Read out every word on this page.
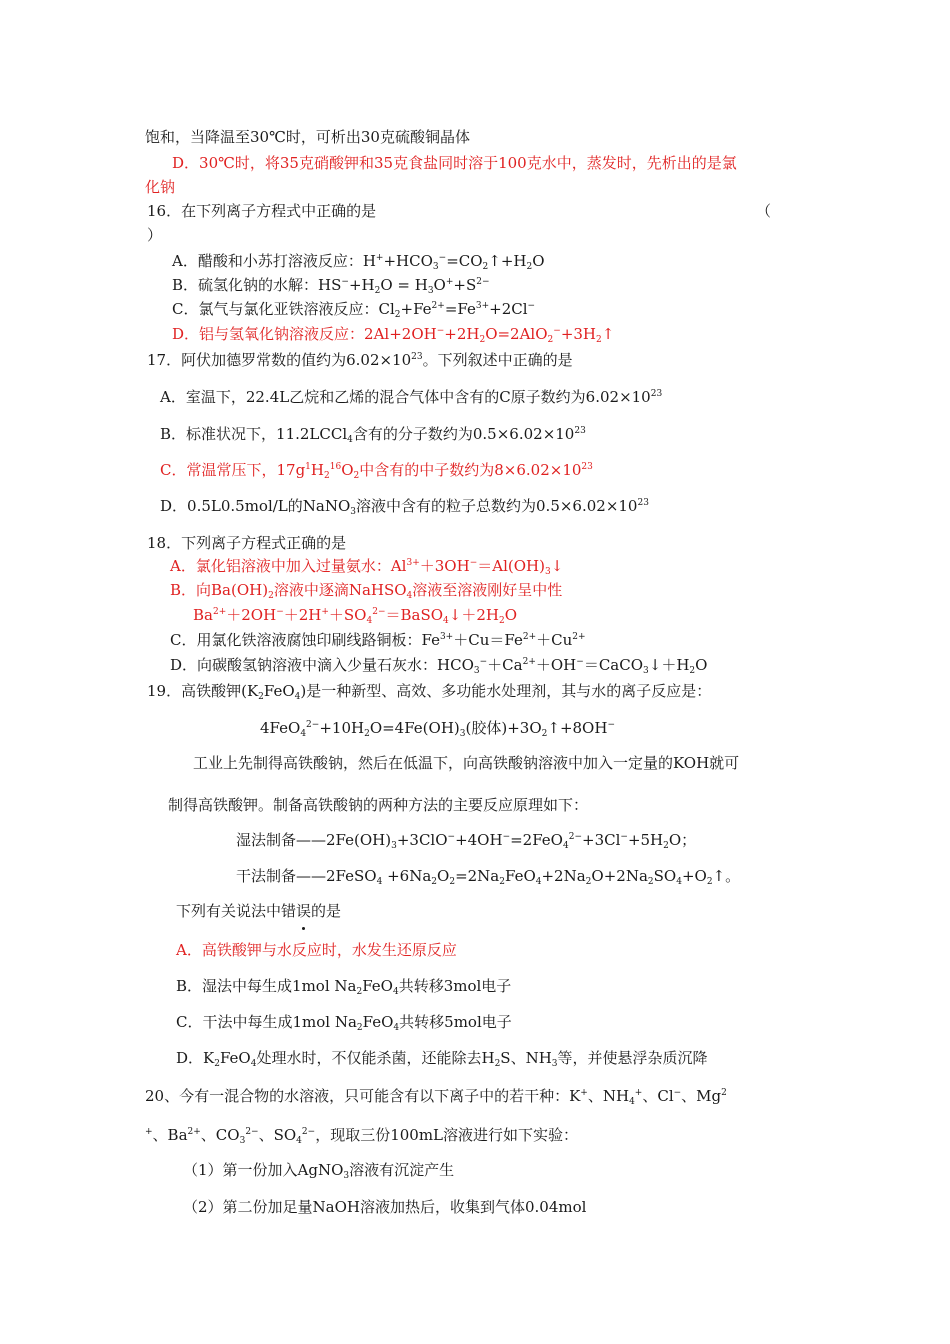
饱和，当降温至30℃时，可析出30克硫酸铜晶体
D．30℃时，将35克硝酸钾和35克食盐同时溶于100克水中，蒸发时，先析出的是氯
化钠
16．在下列离子方程式中正确的是	（
）
A．醋酸和小苏打溶液反应：$H^++HCO_3^-=CO_2↑+H_2O$
B．硫氢化钠的水解：$HS^-+H_2O = H_3O^++S^{2-}$
C．氯气与氯化亚铁溶液反应：$Cl_2+Fe^{2+}=Fe^{3+}+2Cl^-$
D．铝与氢氧化钠溶液反应：$2Al+2OH^-+2H_2O=2AlO_2^-+3H_2↑$
17．阿伏加德罗常数的值约为$6.02\times 10^{23}$。下列叙述中正确的是
A．室温下，22.4L乙烷和乙烯的混合气体中含有的C原子数约为$6.02\times 10^{23}$
B．标准状况下，11.2LCCl$_4$含有的分子数约为$0.5\times 6.02\times 10^{23}$
C．常温常压下，$17g^1H_2^{16}O_2$中含有的中子数约为$8\times 6.02\times 10^{23}$
D．0.5L0.5mol/L的NaNO$_3$溶液中含有的粒子总数约为$0.5\times 6.02\times 10^{23}$
18．下列离子方程式正确的是
A．氯化铝溶液中加入过量氨水：$Al^{3+}+3OH^-=Al(OH)_3↓$
B．向$Ba(OH)_2$溶液中逐滴NaHSO$_4$溶液至溶液刚好呈中性
$Ba^{2+}+2OH^-+2H^++SO_4^{2-}=BaSO_4↓+2H_2O$
C．用氯化铁溶液腐蚀印刷线路铜板：$Fe^{3+}+Cu=Fe^{2+}+Cu^{2+}$
D．向碳酸氢钠溶液中滴入少量石灰水：$HCO_3^-+Ca^{2+}+OH^-=CaCO_3↓+H_2O$
19．高铁酸钾$(K_2FeO_4)$是一种新型、高效、多功能水处理剂，其与水的离子反应是：
$4FeO_4^{2-}+10H_2O=4Fe(OH)_3$(胶体)$+3O_2↑+8OH^-$
工业上先制得高铁酸钠，然后在低温下，向高铁酸钠溶液中加入一定量的KOH就可
制得高铁酸钾。制备高铁酸钠的两种方法的主要反应原理如下：
湿法制备$——2Fe(OH)_3+3ClO^-+4OH^-=2FeO_4^{2-}+3Cl^-+5H_2O$；
干法制备——2FeSO$_4$ $+6Na_2O_2=2Na_2FeO_4+2Na_2O+2Na_2SO_4+O_2↑$。
下列有关说法中错误的是
A．高铁酸钾与水反应时，水发生还原反应
B．湿法中每生成1mol $Na_2FeO_4$共转移3mol电子
C．干法中每生成1mol $Na_2FeO_4$共转移5mol电子
D．$K_2FeO_4$处理水时，不仅能杀菌，还能除去$H_2S$、$NH_3$等，并使悬浮杂质沉降
20、今有一混合物的水溶液，只可能含有以下离子中的若干种：K+、$NH_4^+$、Cl−、Mg$^2$
+、$Ba^{2+}$、$CO_3^{2-}$、$SO_4^{2-}$，现取三份100mL溶液进行如下实验：
（1）第一份加入AgNO$_3$溶液有沉淀产生
（2）第二份加足量NaOH溶液加热后，收集到气体0.04mol
